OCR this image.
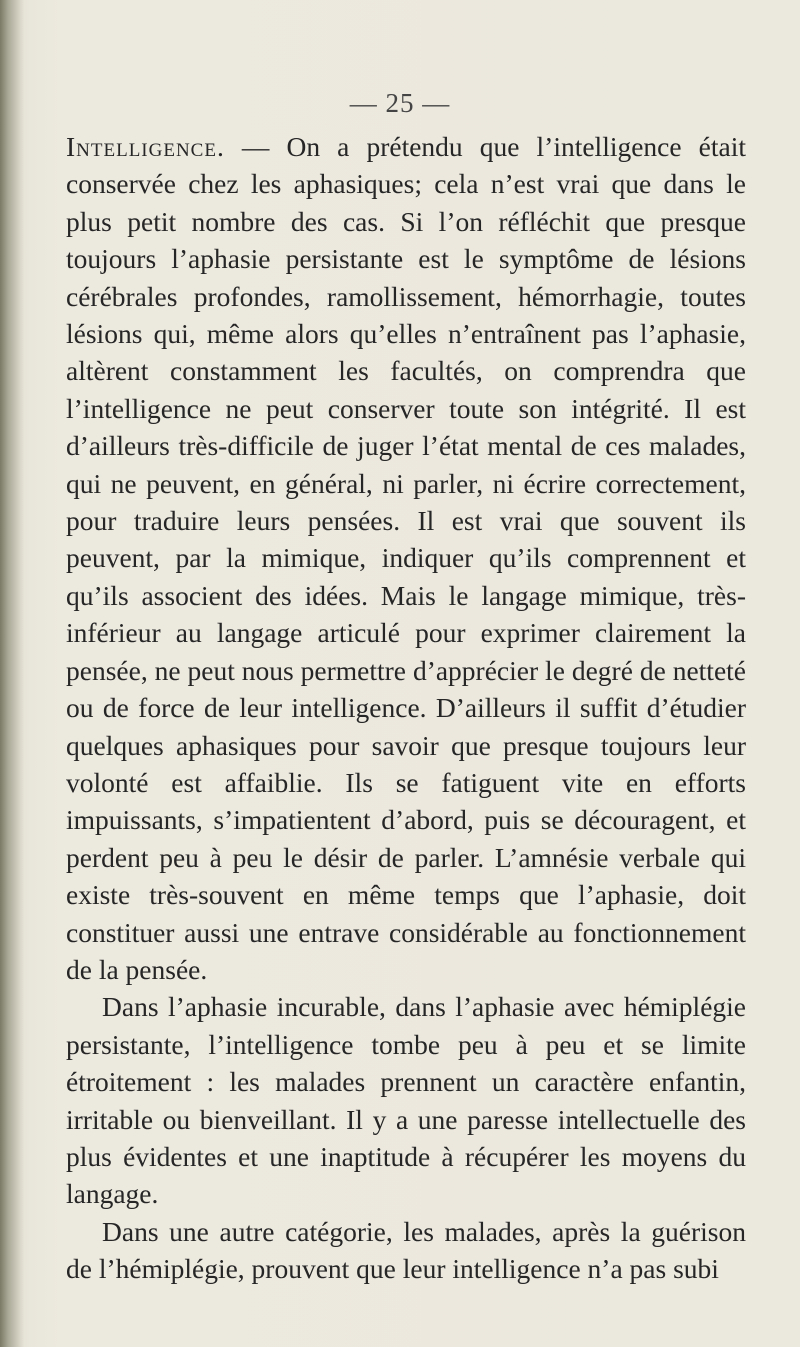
— 25 —

Intelligence. — On a prétendu que l’intelligence était conservée chez les aphasiques; cela n’est vrai que dans le plus petit nombre des cas. Si l’on réfléchit que presque toujours l’aphasie persistante est le symptôme de lésions cérébrales profondes, ramollissement, hémorrhagie, toutes lésions qui, même alors qu’elles n’entraînent pas l’aphasie, altèrent constamment les facultés, on comprendra que l’intelligence ne peut conserver toute son intégrité. Il est d’ailleurs très-difficile de juger l’état mental de ces malades, qui ne peuvent, en général, ni parler, ni écrire correctement, pour traduire leurs pensées. Il est vrai que souvent ils peuvent, par la mimique, indiquer qu’ils comprennent et qu’ils associent des idées. Mais le langage mimique, très-inférieur au langage articulé pour exprimer clairement la pensée, ne peut nous permettre d’apprécier le degré de netteté ou de force de leur intelligence. D’ailleurs il suffit d’étudier quelques aphasiques pour savoir que presque toujours leur volonté est affaiblie. Ils se fatiguent vite en efforts impuissants, s’impatientent d’abord, puis se découragent, et perdent peu à peu le désir de parler. L’amnésie verbale qui existe très-souvent en même temps que l’aphasie, doit constituer aussi une entrave considérable au fonctionnement de la pensée.

Dans l’aphasie incurable, dans l’aphasie avec hémiplégie persistante, l’intelligence tombe peu à peu et se limite étroitement : les malades prennent un caractère enfantin, irritable ou bienveillant. Il y a une paresse intellectuelle des plus évidentes et une inaptitude à récupérer les moyens du langage.

Dans une autre catégorie, les malades, après la guérison de l’hémiplégie, prouvent que leur intelligence n’a pas subi
